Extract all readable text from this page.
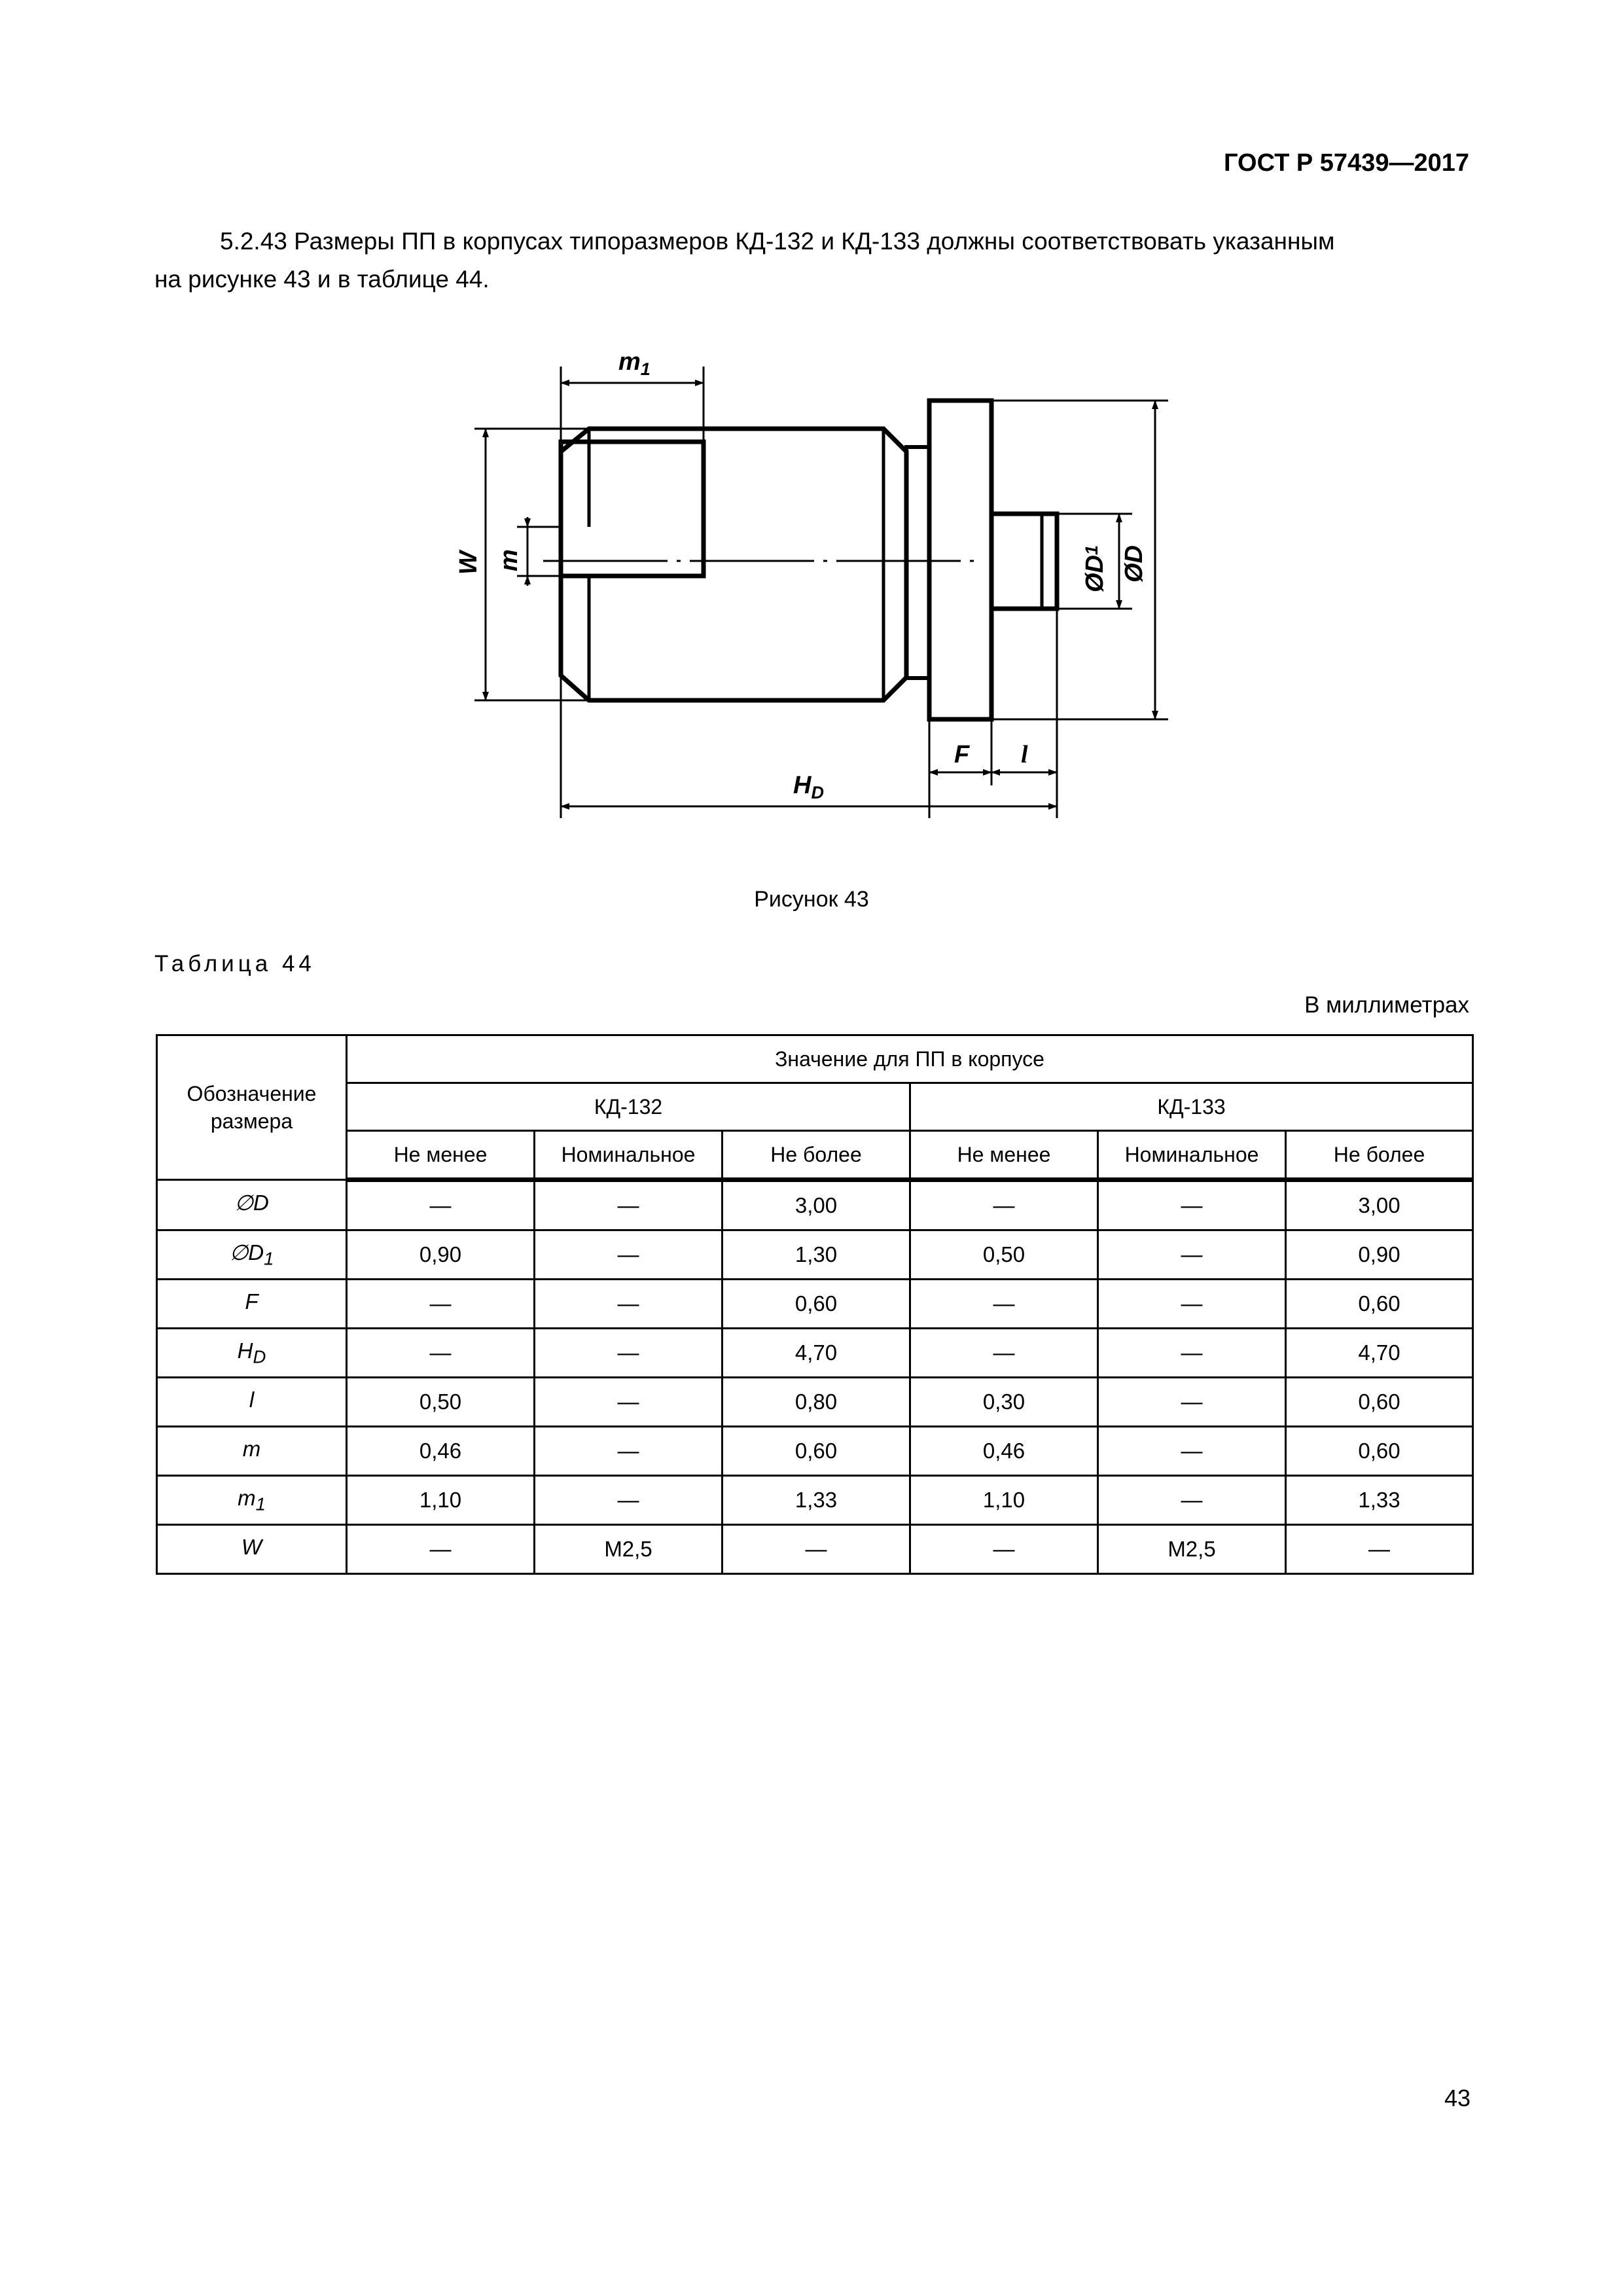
ГОСТ Р 57439—2017
5.2.43 Размеры ПП в корпусах типоразмеров КД-132 и КД-133 должны соответствовать указанным
на рисунке 43 и в таблице 44.
$m_1$
W m	$ØD^1$ ØD
F l
$H_D$
Рисунок 43
Таблица 44
В миллиметрах
Обозначение размера	Значение для ПП в корпусе					
	КД-132			КД-133		
	Не менее	Номинальное	Не более	Не менее	Номинальное	Не более
∅D	—	—	3,00	—	—	3,00
$\emptyset D_1$	0,90	—	1,30	0,50	—	0,90
F	—	—	0,60	—	—	0,60
$H_D$	—	—	4,70	—	—	4,70
l	0,50	—	0,80	0,30	—	0,60
m	0,46	—	0,60	0,46	—	0,60
$m_1$	1,10	—	1,33	1,10	—	1,33
W	—	M2,5	—	—	M2,5	—
43
